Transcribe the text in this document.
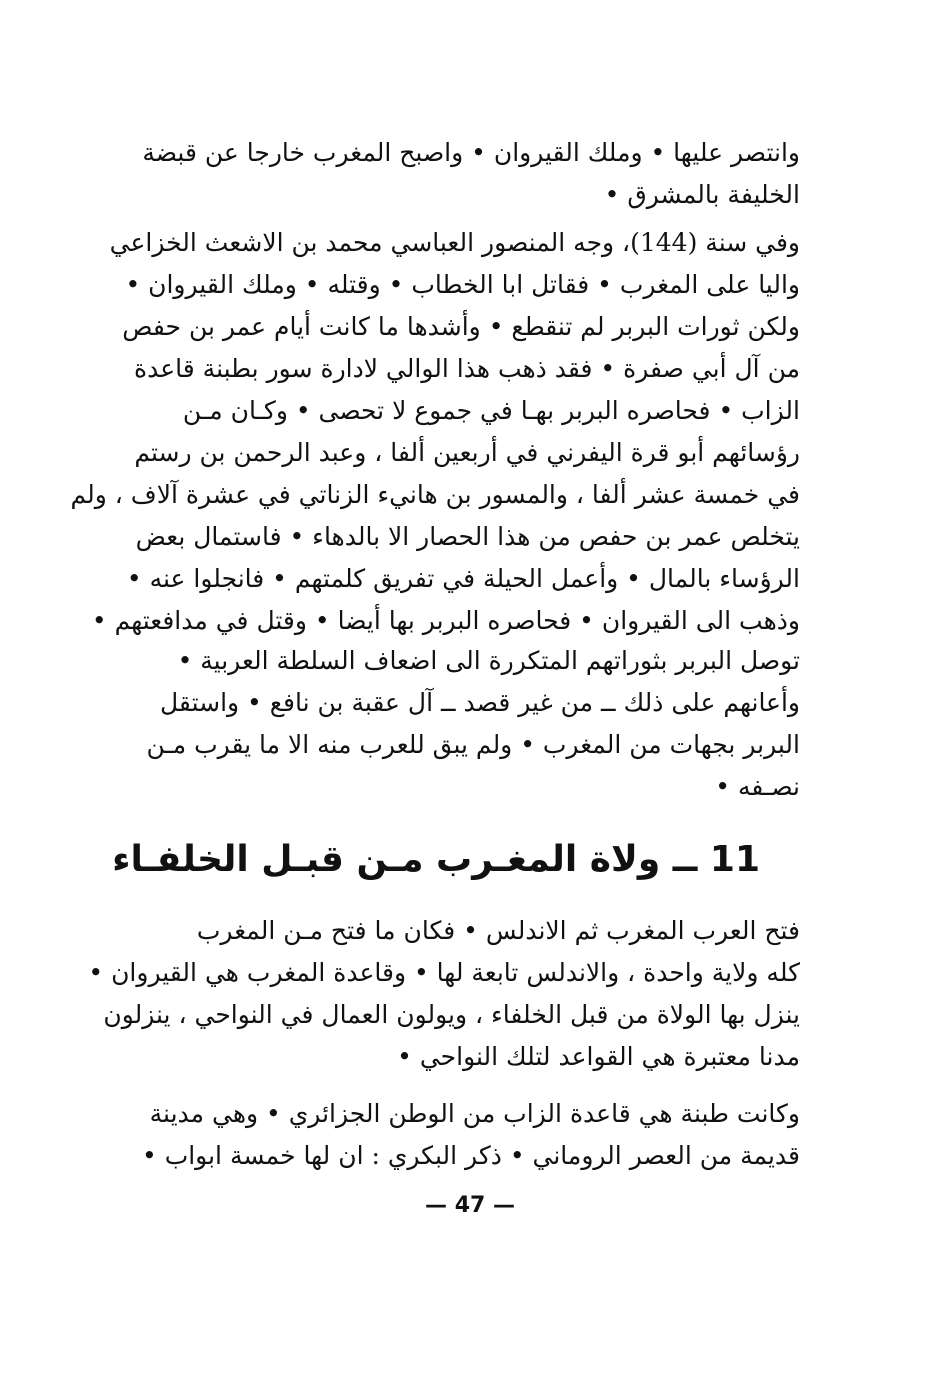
وانتصر عليها • وملك القيروان • واصبح المغرب خارجا عن قبضة
الخليفة بالمشرق •
وفي سنة (144)، وجه المنصور العباسي محمد بن الاشعث الخزاعي
واليا على المغرب • فقاتل ابا الخطاب • وقتله • وملك القيروان •
ولكن ثورات البربر لم تنقطع • وأشدها ما كانت أيام عمر بن حفص
من آل أبي صفرة • فقد ذهب هذا الوالي لادارة سور بطبنة قاعدة
الزاب • فحاصره البربر بهـا في جموع لا تحصى • وكـان مـن
رؤسائهم أبو قرة اليفرني في أربعين ألفا ، وعبد الرحمن بن رستم
في خمسة عشر ألفا ، والمسور بن هانيء الزناتي في عشرة آلاف ، ولم
يتخلص عمر بن حفص من هذا الحصار الا بالدهاء • فاستمال بعض
الرؤساء بالمال • وأعمل الحيلة في تفريق كلمتهم • فانجلوا عنه •
وذهب الى القيروان • فحاصره البربر بها أيضا • وقتل في مدافعتهم •
توصل البربر بثوراتهم المتكررة الى اضعاف السلطة العربية •
وأعانهم على ذلك ــ من غير قصد ــ آل عقبة بن نافع • واستقل
البربر بجهات من المغرب • ولم يبق للعرب منه الا ما يقرب مـن
نصـفه •
11 ــ ولاة المغـرب مـن قبـل الخلفـاء
فتح العرب المغرب ثم الاندلس • فكان ما فتح مـن المغرب
كله ولاية واحدة ، والاندلس تابعة لها • وقاعدة المغرب هي القيروان •
ينزل بها الولاة من قبل الخلفاء ، ويولون العمال في النواحي ، ينزلون
مدنا معتبرة هي القواعد لتلك النواحي •
وكانت طبنة هي قاعدة الزاب من الوطن الجزائري • وهي مدينة
قديمة من العصر الروماني • ذكر البكري : ان لها خمسة ابواب •
— 47 —
